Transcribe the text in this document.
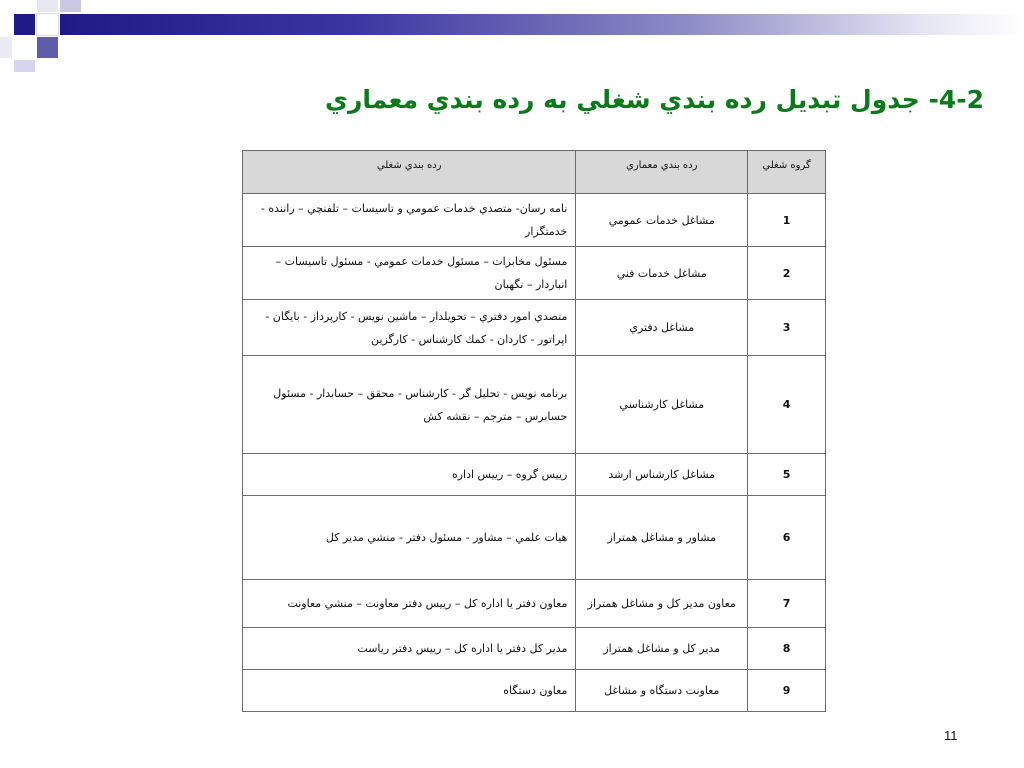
4-2- جدول تبديل رده بندي شغلي به رده بندي معماري
گروه شغلي	رده بندي معماري	رده بندي شغلي
1	مشاغل خدمات عمومي	نامه رسان- متصدي خدمات عمومي و تاسيسات – تلفنچي – راننده - خدمتگزار
2	مشاغل خدمات فني	مسئول مخابرات – مسئول خدمات عمومي - مسئول تاسيسات – انباردار – نگهبان
3	مشاغل دفتري	متصدي امور دفتري – تحويلدار – ماشين نويس - كارپرداز - بايگان - اپراتور - كاردان - كمك كارشناس - كارگزين
4	مشاغل كارشناسي	برنامه نويس - تحليل گر - كارشناس - محقق – حسابدار - مسئول حسابرس – مترجم – نقشه كش
5	مشاغل كارشناس ارشد	رييس گروه – رييس اداره
6	مشاور و مشاغل همتراز	هيات علمي – مشاور - مسئول دفتر - منشي مدير كل
7	معاون مدير كل و مشاغل همتراز	معاون دفتر يا اداره كل – رييس دفتر معاونت – منشي معاونت
8	مدير كل و مشاغل همتراز	مدير كل دفتر يا اداره كل – رييس دفتر رياست
9	معاونت دستگاه و مشاغل	معاون دستگاه
11
